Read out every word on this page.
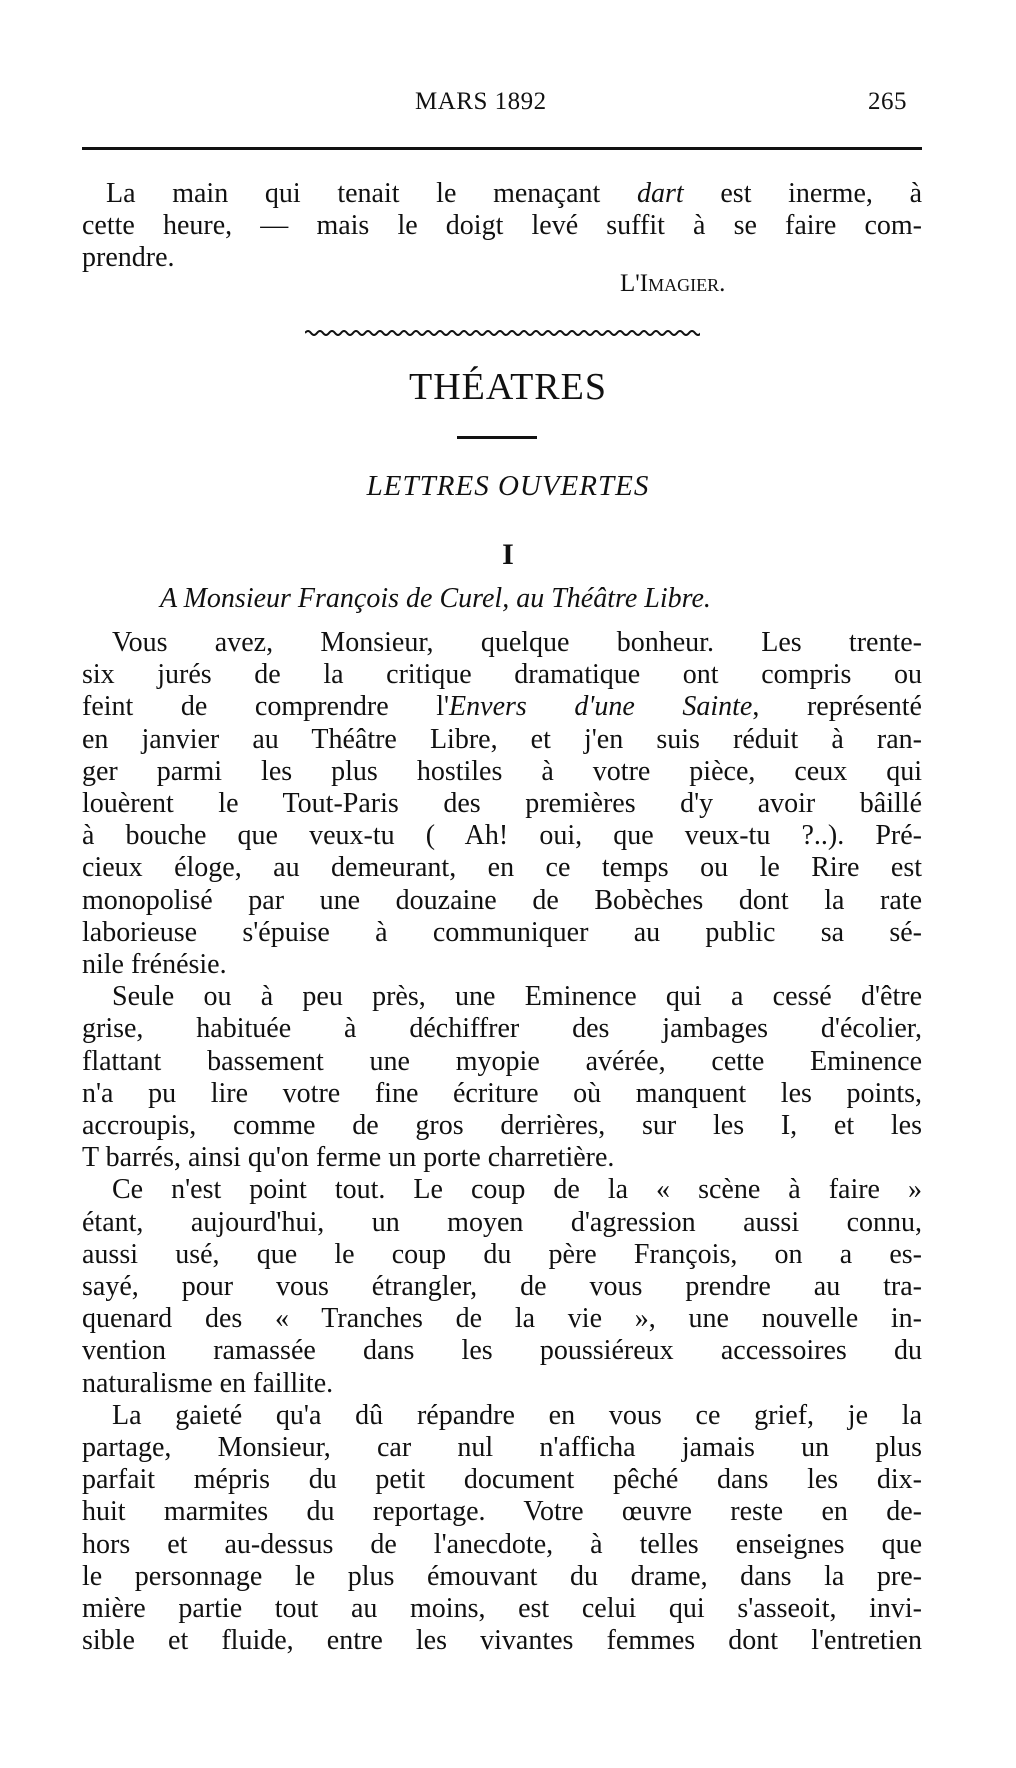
MARS 1892	265
La main qui tenait le menaçant dart est inerme, à
cette heure, — mais le doigt levé suffit à se faire com-
prendre.
L'Imagier.
THÉATRES
LETTRES OUVERTES
I
A Monsieur François de Curel, au Théâtre Libre.
Vous avez, Monsieur, quelque bonheur. Les trente-
six jurés de la critique dramatique ont compris ou
feint de comprendre l'Envers d'une Sainte, représenté
en janvier au Théâtre Libre, et j'en suis réduit à ran-
ger parmi les plus hostiles à votre pièce, ceux qui
louèrent le Tout-Paris des premières d'y avoir bâillé
à bouche que veux-tu ( Ah! oui, que veux-tu ?..). Pré-
cieux éloge, au demeurant, en ce temps ou le Rire est
monopolisé par une douzaine de Bobèches dont la rate
laborieuse s'épuise à communiquer au public sa sé-
nile frénésie.
Seule ou à peu près, une Eminence qui a cessé d'être
grise, habituée à déchiffrer des jambages d'écolier,
flattant bassement une myopie avérée, cette Eminence
n'a pu lire votre fine écriture où manquent les points,
accroupis, comme de gros derrières, sur les I, et les
T barrés, ainsi qu'on ferme un porte charretière.
Ce n'est point tout. Le coup de la « scène à faire »
étant, aujourd'hui, un moyen d'agression aussi connu,
aussi usé, que le coup du père François, on a es-
sayé, pour vous étrangler, de vous prendre au tra-
quenard des « Tranches de la vie », une nouvelle in-
vention ramassée dans les poussiéreux accessoires du
naturalisme en faillite.
La gaieté qu'a dû répandre en vous ce grief, je la
partage, Monsieur, car nul n'afficha jamais un plus
parfait mépris du petit document pêché dans les dix-
huit marmites du reportage. Votre œuvre reste en de-
hors et au-dessus de l'anecdote, à telles enseignes que
le personnage le plus émouvant du drame, dans la pre-
mière partie tout au moins, est celui qui s'asseoit, invi-
sible et fluide, entre les vivantes femmes dont l'entretien
